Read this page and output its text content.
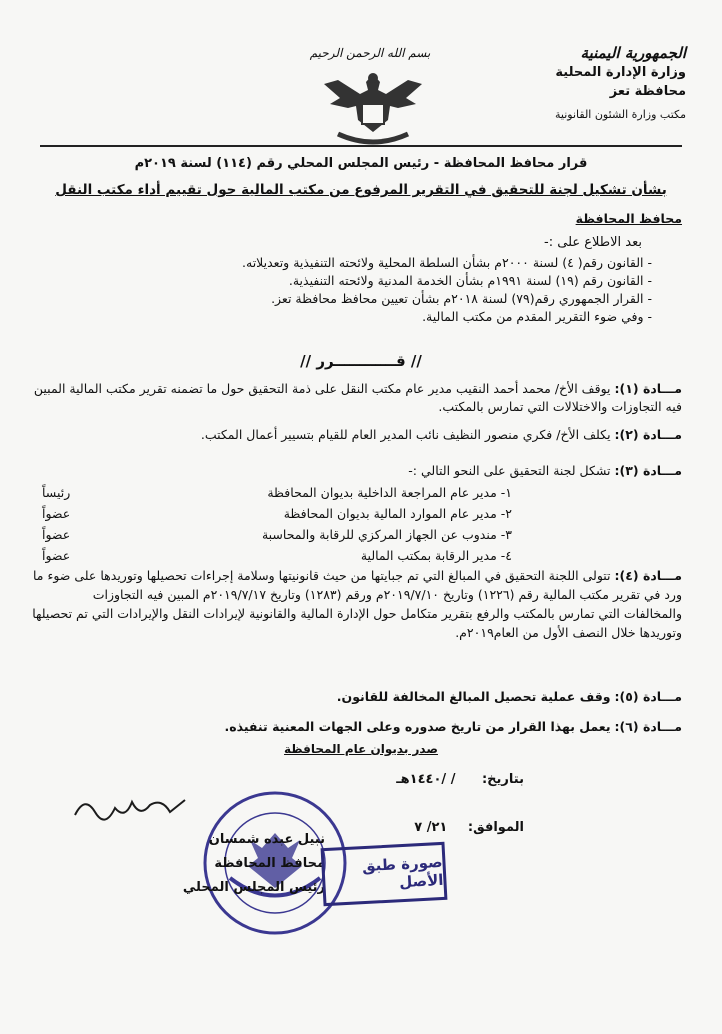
الجمهورية اليمنية
وزارة الإدارة المحلية
محافظة تعز
مكتب وزارة الشئون القانونية
بسم الله الرحمن الرحيم
قرار محافظ المحافظة - رئيس المجلس المحلي رقم (١١٤) لسنة ٢٠١٩م
بشأن تشكيل لجنة للتحقيق في التقرير المرفوع من مكتب المالية حول تقييم أداء مكتب النقل
محافظ المحافظة
بعد الاطلاع على :-
- القانون رقم( ٤) لسنة ٢٠٠٠م بشأن السلطة المحلية ولائحته التنفيذية وتعديلاته.
- القانون رقم (١٩) لسنة ١٩٩١م بشأن الخدمة المدنية ولائحته التنفيذية.
- القرار الجمهوري رقم(٧٩) لسنة ٢٠١٨م بشأن تعيين محافظ محافظة تعز.
- وفي ضوء التقرير المقدم من مكتب المالية.
// قــــــــــــرر //
مـــادة (١): يوقف الأخ/ محمد أحمد النقيب مدير عام مكتب النقل على ذمة التحقيق حول ما تضمنه تقرير مكتب المالية المبين فيه التجاوزات والاختلالات التي تمارس بالمكتب.
مـــادة (٢): يكلف الأخ/ فكري منصور النظيف نائب المدير العام للقيام بتسيير أعمال المكتب.
مـــادة (٣): تشكل لجنة التحقيق على النحو التالي :-
١- مدير عام المراجعة الداخلية بديوان المحافظة	رئيساً
٢- مدير عام الموارد المالية بديوان المحافظة	عضواً
٣- مندوب عن الجهاز المركزي للرقابة والمحاسبة	عضواً
٤- مدير الرقابة بمكتب المالية	عضواً
مـــادة (٤): تتولى اللجنة التحقيق في المبالغ التي تم جبايتها من حيث قانونيتها وسلامة إجراءات تحصيلها وتوريدها على ضوء ما ورد في تقرير مكتب المالية رقم (١٢٢٦) وتاريخ ٢٠١٩/٧/١٠م ورقم (١٢٨٣) وتاريخ ٢٠١٩/٧/١٧م المبين فيه التجاوزات والمخالفات التي تمارس بالمكتب والرفع بتقرير متكامل حول الإدارة المالية والقانونية لإيرادات النقل والإيرادات التي تم تحصيلها وتوريدها خلال النصف الأول من العام٢٠١٩م.
مـــادة (٥): وقف عملية تحصيل المبالغ المخالفة للقانون.
مـــادة (٦): يعمل بهذا القرار من تاريخ صدوره وعلى الجهات المعنية تنفيذه.
صدر بديوان عام المحافظة
بتاريخ: / /١٤٤٠هـ
الموافق: ٢١/ ٧
نبيل عبده شمسان
محافظ المحافظة
رئيس المجلس المحلي
صورة طبق الأصل
